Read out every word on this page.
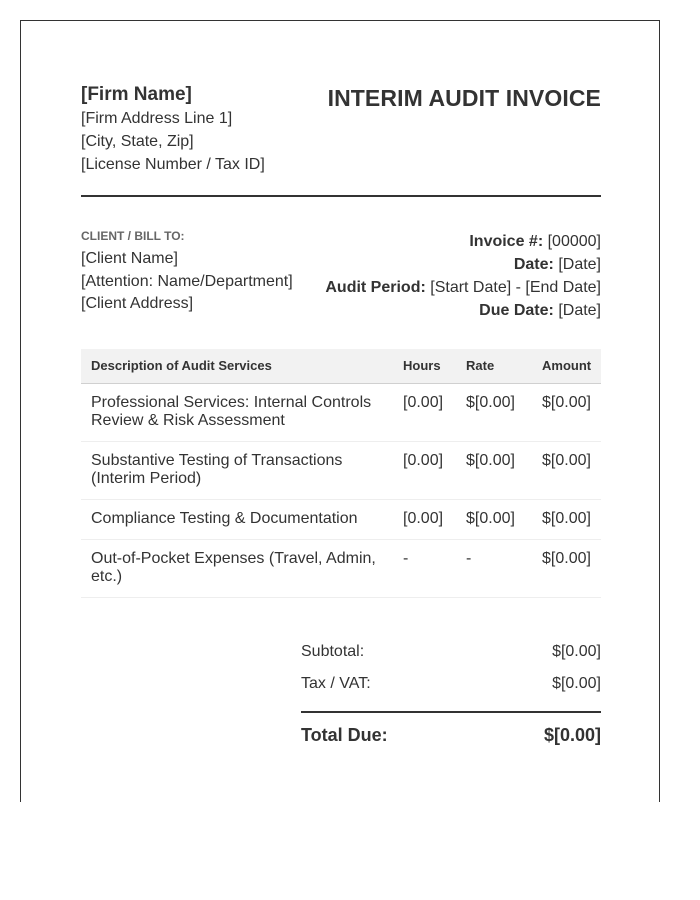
[Firm Name]
[Firm Address Line 1]
[City, State, Zip]
[License Number / Tax ID]
INTERIM AUDIT INVOICE
CLIENT / BILL TO:
[Client Name]
[Attention: Name/Department]
[Client Address]
Invoice #: [00000]
Date: [Date]
Audit Period: [Start Date] - [End Date]
Due Date: [Date]
Description of Audit Services	Hours	Rate	Amount
Professional Services: Internal Controls Review & Risk Assessment	[0.00]	$[0.00]	$[0.00]
Substantive Testing of Transactions (Interim Period)	[0.00]	$[0.00]	$[0.00]
Compliance Testing & Documentation	[0.00]	$[0.00]	$[0.00]
Out-of-Pocket Expenses (Travel, Admin, etc.)	-	-	$[0.00]
Subtotal:	$[0.00]
Tax / VAT:	$[0.00]
Total Due:	$[0.00]
